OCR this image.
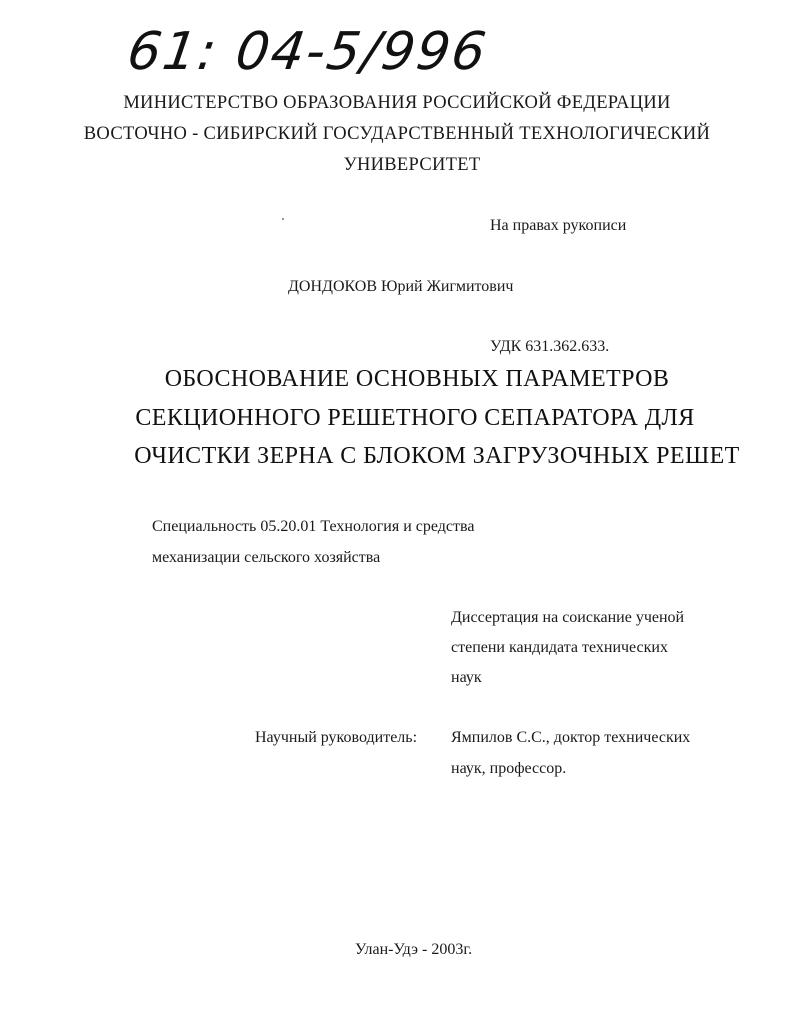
61: 04-5/996
МИНИСТЕРСТВО ОБРАЗОВАНИЯ РОССИЙСКОЙ ФЕДЕРАЦИИ
ВОСТОЧНО - СИБИРСКИЙ ГОСУДАРСТВЕННЫЙ ТЕХНОЛОГИЧЕСКИЙ
УНИВЕРСИТЕТ
На правах рукописи
ДОНДОКОВ Юрий Жигмитович
УДК 631.362.633.
ОБОСНОВАНИЕ ОСНОВНЫХ ПАРАМЕТРОВ
СЕКЦИОННОГО РЕШЕТНОГО СЕПАРАТОРА ДЛЯ
ОЧИСТКИ ЗЕРНА С БЛОКОМ ЗАГРУЗОЧНЫХ РЕШЕТ
Специальность 05.20.01 Технология и средства
механизации сельского хозяйства
Диссертация на соискание ученой
степени кандидата технических
наук
Научный руководитель: Ямпилов С.С., доктор технических
наук, профессор.
Улан-Удэ - 2003г.
